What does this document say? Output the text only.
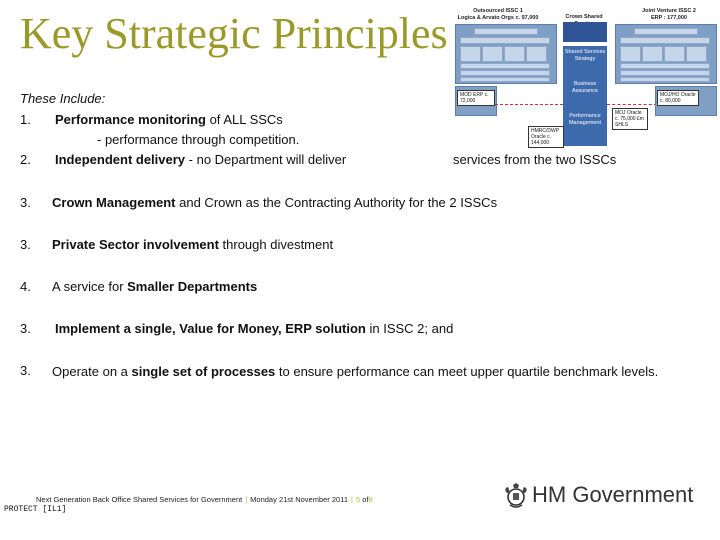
Key Strategic Principles	Outsourced ISSC 1
Logica & Arvato Orgs c. 97,000	Crown Shared
Joint Venture ISSC 2
ERP : 177,000
Shared Services
Strategy
Business Assurance
Performance Management
MOD ERP c. 72,000
HMRC/DWP Oracle c. 144,000
MOJ Oracle c. 75,000 £m SHLS
MOJ/HO Oracle c. 80,000
These Include:
1. Performance monitoring of ALL SSCs
- performance through competition.
2. Independent delivery - no Department will deliver	services from the two ISSCs
3. Crown Management and Crown as the Contracting Authority for the 2 ISSCs
3. Private Sector involvement through divestment
4. A service for Smaller Departments
3. Implement a single, Value for Money, ERP solution in ISSC 2; and
3. Operate on a single set of processes to ensure performance can meet upper quartile benchmark levels.
Next Generation Back Office Shared Services for Government | Monday 21st November 2011 | 5 of8
PROTECT [IL1]
HM Government
